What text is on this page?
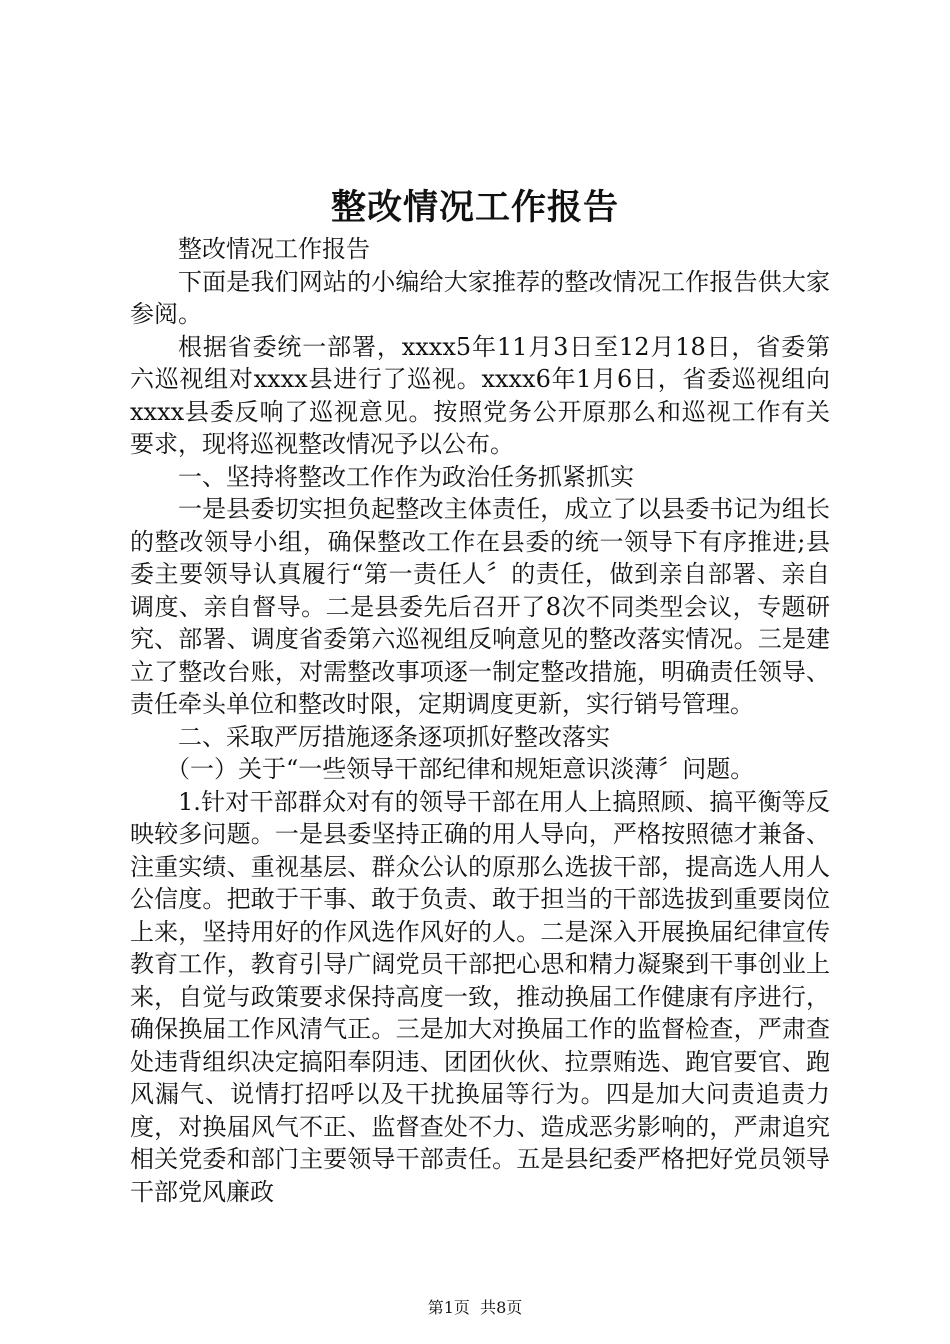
整改情况工作报告

整改情况工作报告

下面是我们网站的小编给大家推荐的整改情况工作报告供大家参阅。

根据省委统一部署，xxxx5年11月3日至12月18日，省委第六巡视组对xxxx县进行了巡视。xxxx6年1月6日，省委巡视组向xxxx县委反响了巡视意见。按照党务公开原那么和巡视工作有关要求，现将巡视整改情况予以公布。

一、坚持将整改工作作为政治任务抓紧抓实

一是县委切实担负起整改主体责任，成立了以县委书记为组长的整改领导小组，确保整改工作在县委的统一领导下有序推进;县委主要领导认真履行“第一责任人〞的责任，做到亲自部署、亲自调度、亲自督导。二是县委先后召开了8次不同类型会议，专题研究、部署、调度省委第六巡视组反响意见的整改落实情况。三是建立了整改台账，对需整改事项逐一制定整改措施，明确责任领导、责任牵头单位和整改时限，定期调度更新，实行销号管理。

二、采取严厉措施逐条逐项抓好整改落实

（一）关于“一些领导干部纪律和规矩意识淡薄〞问题。

1.针对干部群众对有的领导干部在用人上搞照顾、搞平衡等反映较多问题。一是县委坚持正确的用人导向，严格按照德才兼备、注重实绩、重视基层、群众公认的原那么选拔干部，提高选人用人公信度。把敢于干事、敢于负责、敢于担当的干部选拔到重要岗位上来，坚持用好的作风选作风好的人。二是深入开展换届纪律宣传教育工作，教育引导广阔党员干部把心思和精力凝聚到干事创业上来，自觉与政策要求保持高度一致，推动换届工作健康有序进行，确保换届工作风清气正。三是加大对换届工作的监督检查，严肃查处违背组织决定搞阳奉阴违、团团伙伙、拉票贿选、跑官要官、跑风漏气、说情打招呼以及干扰换届等行为。四是加大问责追责力度，对换届风气不正、监督查处不力、造成恶劣影响的，严肃追究相关党委和部门主要领导干部责任。五是县纪委严格把好党员领导干部党风廉政

第1页  共8页
